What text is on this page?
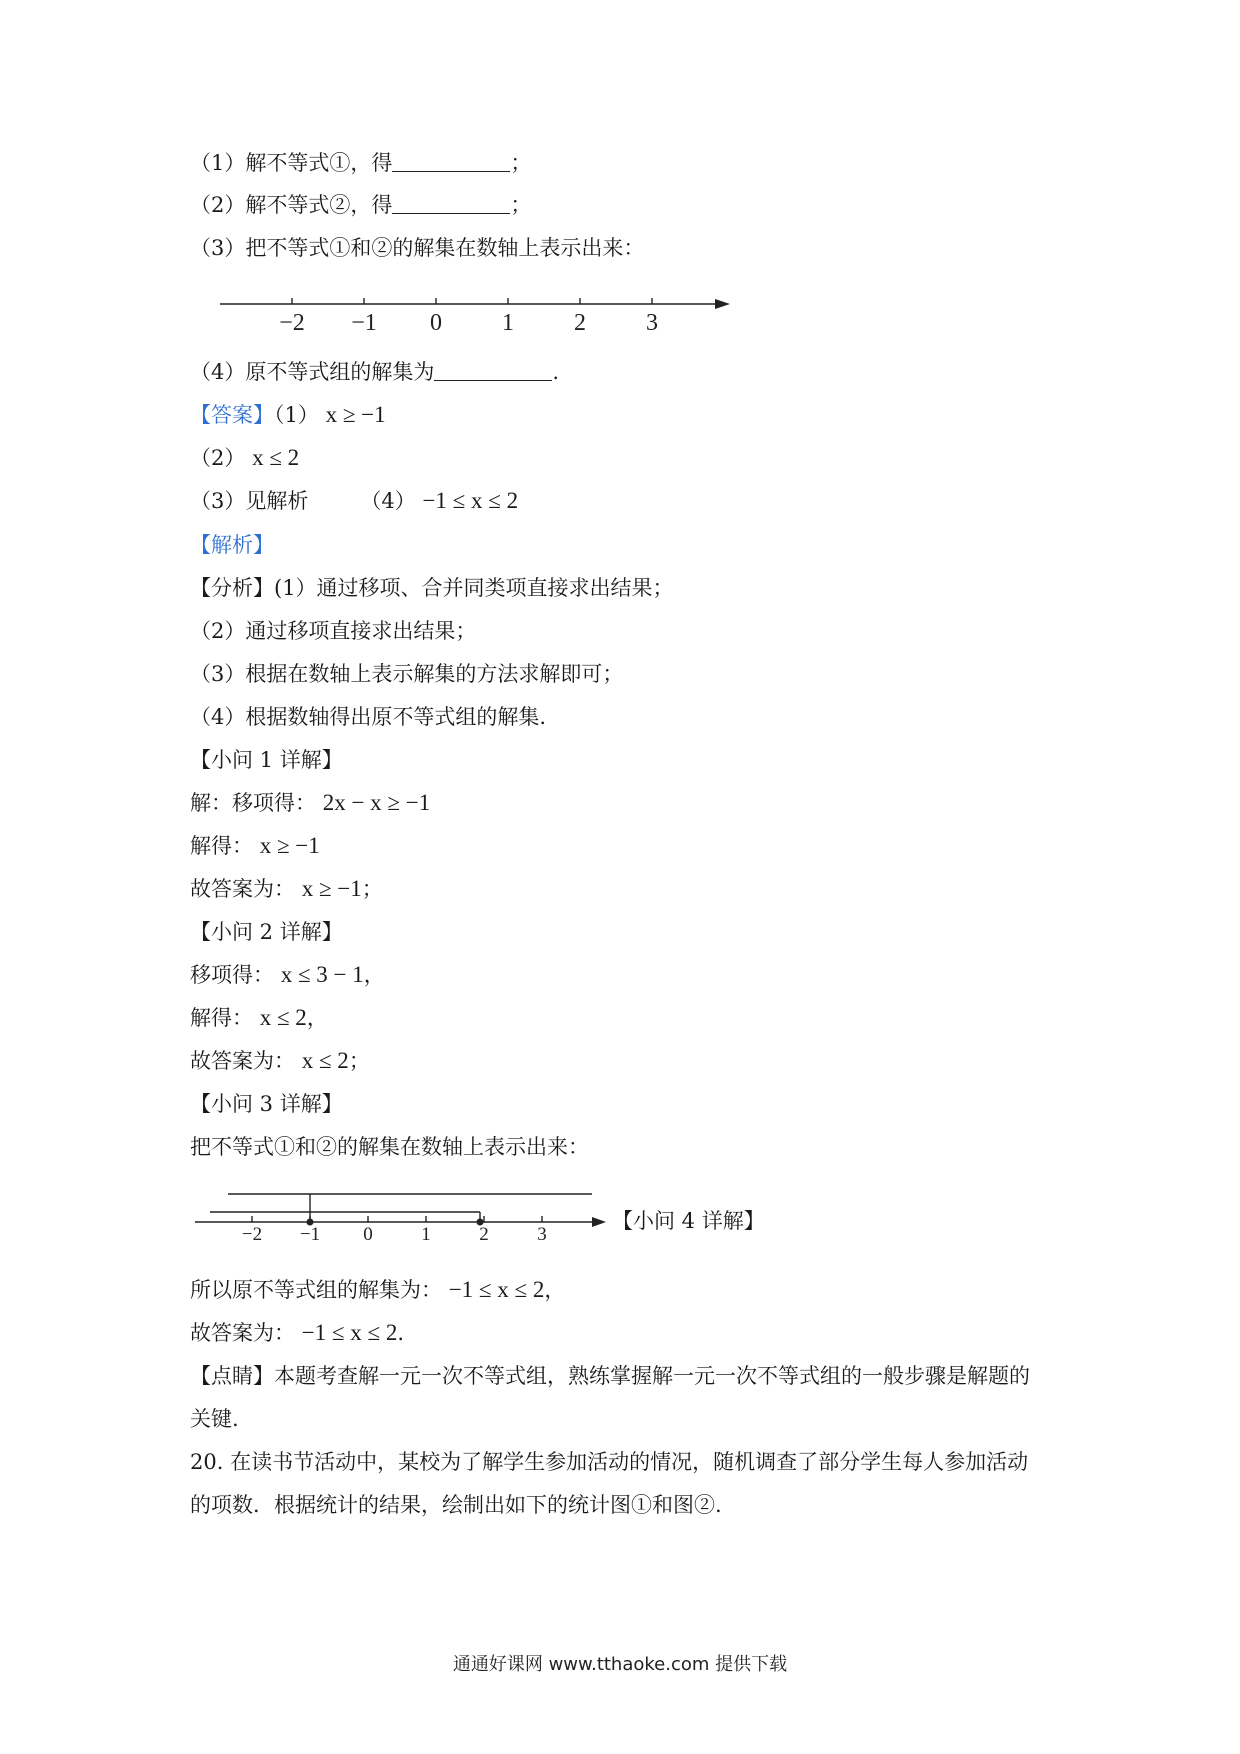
（1）解不等式①，得	；
（2）解不等式②，得	；
（3）把不等式①和②的解集在数轴上表示出来：
−2 −1 0	1	2	3
（4）原不等式组的解集为	.
【答案】（1） x ≥ −1
（2） x ≤ 2
（3）见解析 （4） −1 ≤ x ≤ 2
【解析】
【分析】(1）通过移项、合并同类项直接求出结果；
（2）通过移项直接求出结果；
（3）根据在数轴上表示解集的方法求解即可；
（4）根据数轴得出原不等式组的解集.
【小问 1 详解】
解：移项得： 2x − x ≥ −1
解得： x ≥ −1
故答案为： x ≥ −1；
【小问 2 详解】
移项得： x ≤ 3 − 1，
解得： x ≤ 2，
故答案为： x ≤ 2；
【小问 3 详解】
把不等式①和②的解集在数轴上表示出来：
−2 −1 0	1	2	3
【小问 4 详解】
所以原不等式组的解集为： −1 ≤ x ≤ 2，
故答案为： −1 ≤ x ≤ 2.
【点睛】本题考查解一元一次不等式组，熟练掌握解一元一次不等式组的一般步骤是解题的
关键.
20. 在读书节活动中，某校为了解学生参加活动的情况，随机调查了部分学生每人参加活动
的项数．根据统计的结果，绘制出如下的统计图①和图②.
通通好课网 www.tthaoke.com 提供下载
